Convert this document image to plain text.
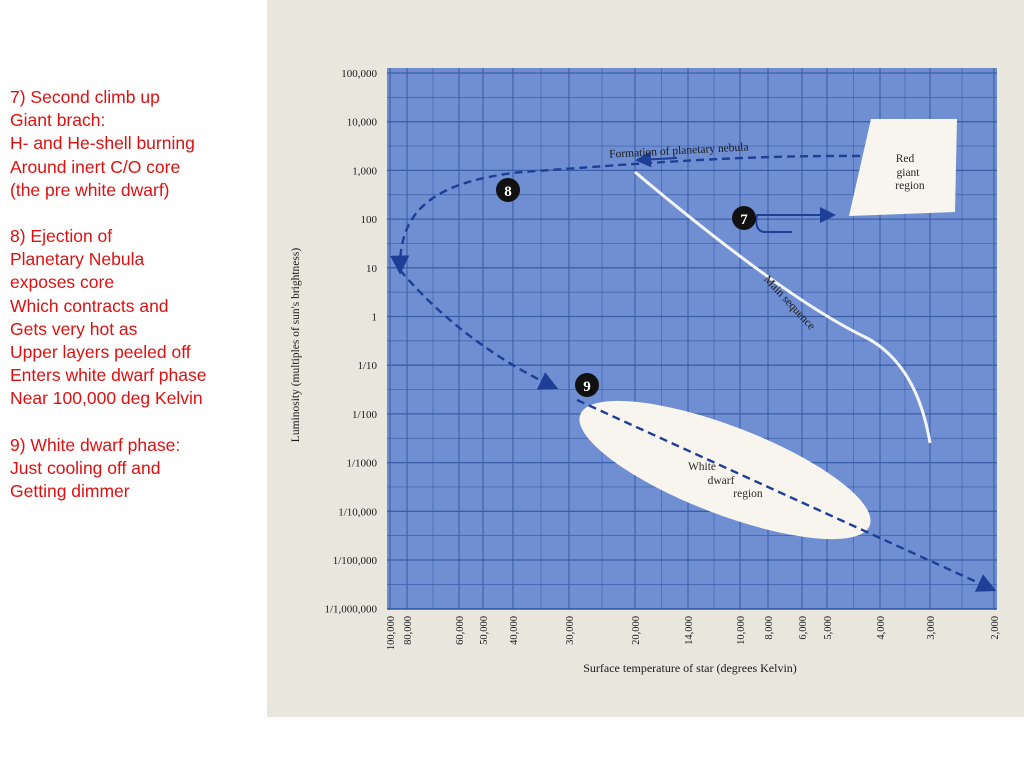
7) Second climb up
Giant brach:
H- and He-shell burning
Around inert C/O core
(the pre white dwarf)
8) Ejection of
Planetary Nebula
exposes core
Which contracts and
Gets very hot as
Upper layers peeled off
Enters white dwarf phase
Near 100,000 deg Kelvin
9) White dwarf phase:
Just cooling off and
Getting dimmer
100,000
10,000
1,000
100
10
1
1/10
1/100
1/1000
1/10,000
1/100,000
1/1,000,000
100,000 80,000	60,000 50,000 40,000	30,000	20,000	14,000	10,000 8,000 6,000 5,000	4,000	3,000	2,000
Luminosity (multiples of sun's brightness)
Surface temperature of star (degrees Kelvin)
Red
giant
region
Main sequence
White
dwarf
region
Formation of planetary nebula
7
8
9
